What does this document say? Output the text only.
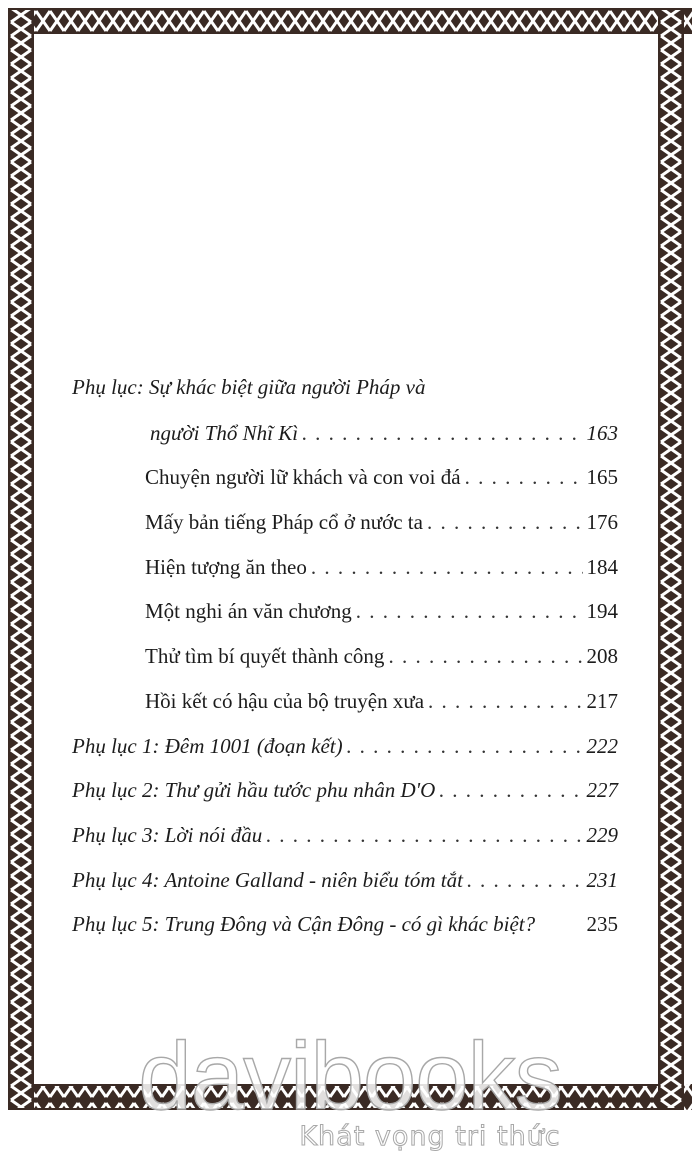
Phụ lục: Sự khác biệt giữa người Pháp và
người Thổ Nhĩ Kì . . .	163
Chuyện người lữ khách và con voi đá . . .	165
Mấy bản tiếng Pháp cổ ở nước ta . . .	176
Hiện tượng ăn theo . . .	184
Một nghi án văn chương . . .	194
Thử tìm bí quyết thành công . . .	208
Hồi kết có hậu của bộ truyện xưa . . .	217
Phụ lục 1: Đêm 1001 (đoạn kết) . . .	222
Phụ lục 2: Thư gửi hầu tước phu nhân D'O . . .	227
Phụ lục 3: Lời nói đầu . . .	229
Phụ lục 4: Antoine Galland - niên biểu tóm tắt . . .	231
Phụ lục 5: Trung Đông và Cận Đông - có gì khác biệt? 235
davibooks
Khát vọng tri thức
